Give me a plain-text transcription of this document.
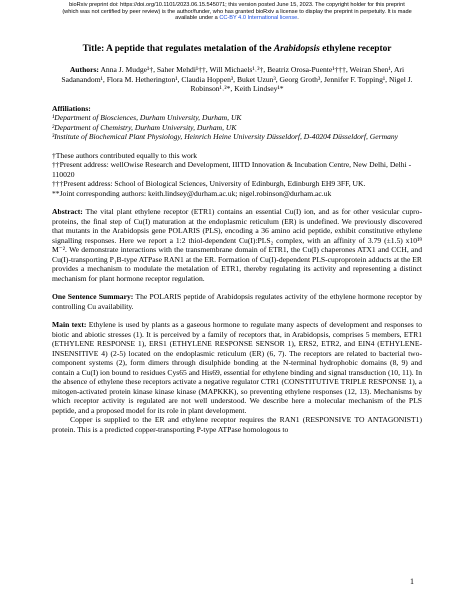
bioRxiv preprint doi: https://doi.org/10.1101/2023.06.15.545071; this version posted June 15, 2023. The copyright holder for this preprint
(which was not certified by peer review) is the author/funder, who has granted bioRxiv a license to display the preprint in perpetuity. It is made
available under a CC-BY 4.0 International license.

Title: A peptide that regulates metalation of the Arabidopsis ethylene receptor

Authors: Anna J. Mudge¹†, Saher Mehdi¹††, Will Michaels¹˒²†, Beatriz Orosa-Puente¹†††, Weiran Shen¹, Ari Sadanandom¹, Flora M. Hetherington¹, Claudia Hoppen³, Buket Uzun³, Georg Groth³, Jennifer F. Topping¹, Nigel J. Robinson¹˒²*, Keith Lindsey¹*

Affiliations:

¹Department of Biosciences, Durham University, Durham, UK

²Department of Chemistry, Durham University, Durham, UK

³Institute of Biochemical Plant Physiology, Heinrich Heine University Düsseldorf, D-40204 Düsseldorf, Germany

†These authors contributed equally to this work

††Present address: wellOwise Research and Development, IIITD Innovation & Incubation Centre, New Delhi, Delhi - 110020

†††Present address: School of Biological Sciences, University of Edinburgh, Edinburgh EH9 3FF, UK.

**Joint corresponding authors: keith.lindsey@durham.ac.uk; nigel.robinson@durham.ac.uk

Abstract: The vital plant ethylene receptor (ETR1) contains an essential Cu(I) ion, and as for other vesicular cupro-proteins, the final step of Cu(I) maturation at the endoplasmic reticulum (ER) is undefined. We previously discovered that mutants in the Arabidopsis gene POLARIS (PLS), encoding a 36 amino acid peptide, exhibit constitutive ethylene signalling responses. Here we report a 1:2 thiol-dependent Cu(I):PLS₂ complex, with an affinity of 3.79 (±1.5) x10¹⁹ M⁻². We demonstrate interactions with the transmembrane domain of ETR1, the Cu(I) chaperones ATX1 and CCH, and Cu(I)-transporting P₁B-type ATPase RAN1 at the ER. Formation of Cu(I)-dependent PLS-cuproprotein adducts at the ER provides a mechanism to modulate the metalation of ETR1, thereby regulating its activity and representing a distinct mechanism for plant hormone receptor regulation.

One Sentence Summary: The POLARIS peptide of Arabidopsis regulates activity of the ethylene hormone receptor by controlling Cu availability.

Main text: Ethylene is used by plants as a gaseous hormone to regulate many aspects of development and responses to biotic and abiotic stresses (1). It is perceived by a family of receptors that, in Arabidopsis, comprises 5 members, ETR1 (ETHYLENE RESPONSE 1), ERS1 (ETHYLENE RESPONSE SENSOR 1), ERS2, ETR2, and EIN4 (ETHYLENE-INSENSITIVE 4) (2-5) located on the endoplasmic reticulum (ER) (6, 7). The receptors are related to bacterial two-component systems (2), form dimers through disulphide bonding at the N-terminal hydrophobic domains (8, 9) and contain a Cu(I) ion bound to residues Cys65 and His69, essential for ethylene binding and signal transduction (10, 11). In the absence of ethylene these receptors activate a negative regulator CTR1 (CONSTITUTIVE TRIPLE RESPONSE 1), a mitogen-activated protein kinase kinase kinase (MAPKKK), so preventing ethylene responses (12, 13). Mechanisms by which receptor activity is regulated are not well understood. We describe here a molecular mechanism of the PLS peptide, and a proposed model for its role in plant development.

Copper is supplied to the ER and ethylene receptor requires the RAN1 (RESPONSIVE TO ANTAGONIST1) protein. This is a predicted copper-transporting P-type ATPase homologous to

1
